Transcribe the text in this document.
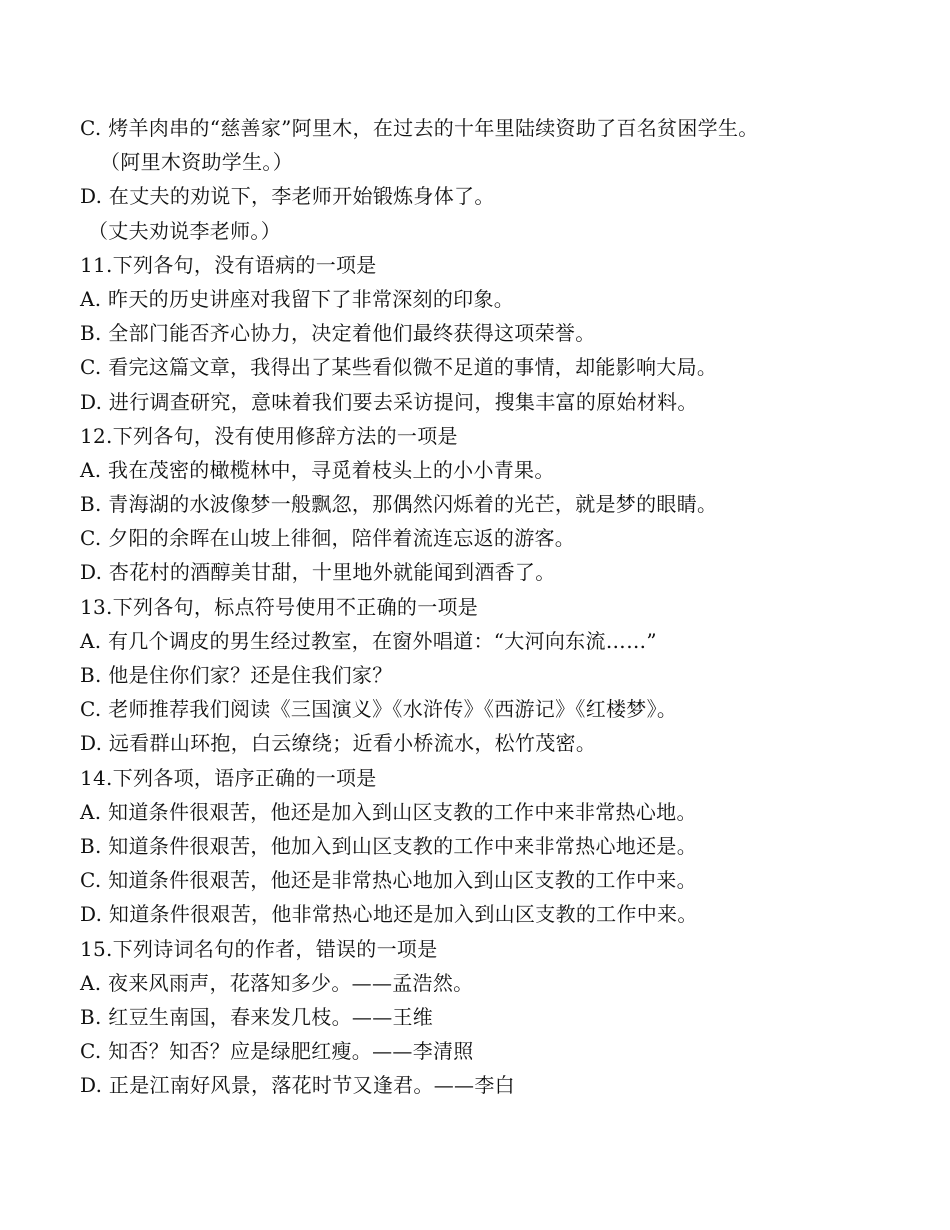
C. 烤羊肉串的“慈善家”阿里木，在过去的十年里陆续资助了百名贫困学生。
（阿里木资助学生。）
D. 在丈夫的劝说下，李老师开始锻炼身体了。
（丈夫劝说李老师。）
11.下列各句，没有语病的一项是
A. 昨天的历史讲座对我留下了非常深刻的印象。
B. 全部门能否齐心协力，决定着他们最终获得这项荣誉。
C. 看完这篇文章，我得出了某些看似微不足道的事情，却能影响大局。
D. 进行调查研究，意味着我们要去采访提问，搜集丰富的原始材料。
12.下列各句，没有使用修辞方法的一项是
A. 我在茂密的橄榄林中，寻觅着枝头上的小小青果。
B. 青海湖的水波像梦一般飘忽，那偶然闪烁着的光芒，就是梦的眼睛。
C. 夕阳的余晖在山坡上徘徊，陪伴着流连忘返的游客。
D. 杏花村的酒醇美甘甜，十里地外就能闻到酒香了。
13.下列各句，标点符号使用不正确的一项是
A. 有几个调皮的男生经过教室，在窗外唱道：“大河向东流……”
B. 他是住你们家？还是住我们家？
C. 老师推荐我们阅读《三国演义》《水浒传》《西游记》《红楼梦》。
D. 远看群山环抱，白云缭绕；近看小桥流水，松竹茂密。
14.下列各项，语序正确的一项是
A. 知道条件很艰苦，他还是加入到山区支教的工作中来非常热心地。
B. 知道条件很艰苦，他加入到山区支教的工作中来非常热心地还是。
C. 知道条件很艰苦，他还是非常热心地加入到山区支教的工作中来。
D. 知道条件很艰苦，他非常热心地还是加入到山区支教的工作中来。
15.下列诗词名句的作者，错误的一项是
A. 夜来风雨声，花落知多少。——孟浩然。
B. 红豆生南国，春来发几枝。——王维
C. 知否？知否？应是绿肥红瘦。——李清照
D. 正是江南好风景，落花时节又逢君。——李白
